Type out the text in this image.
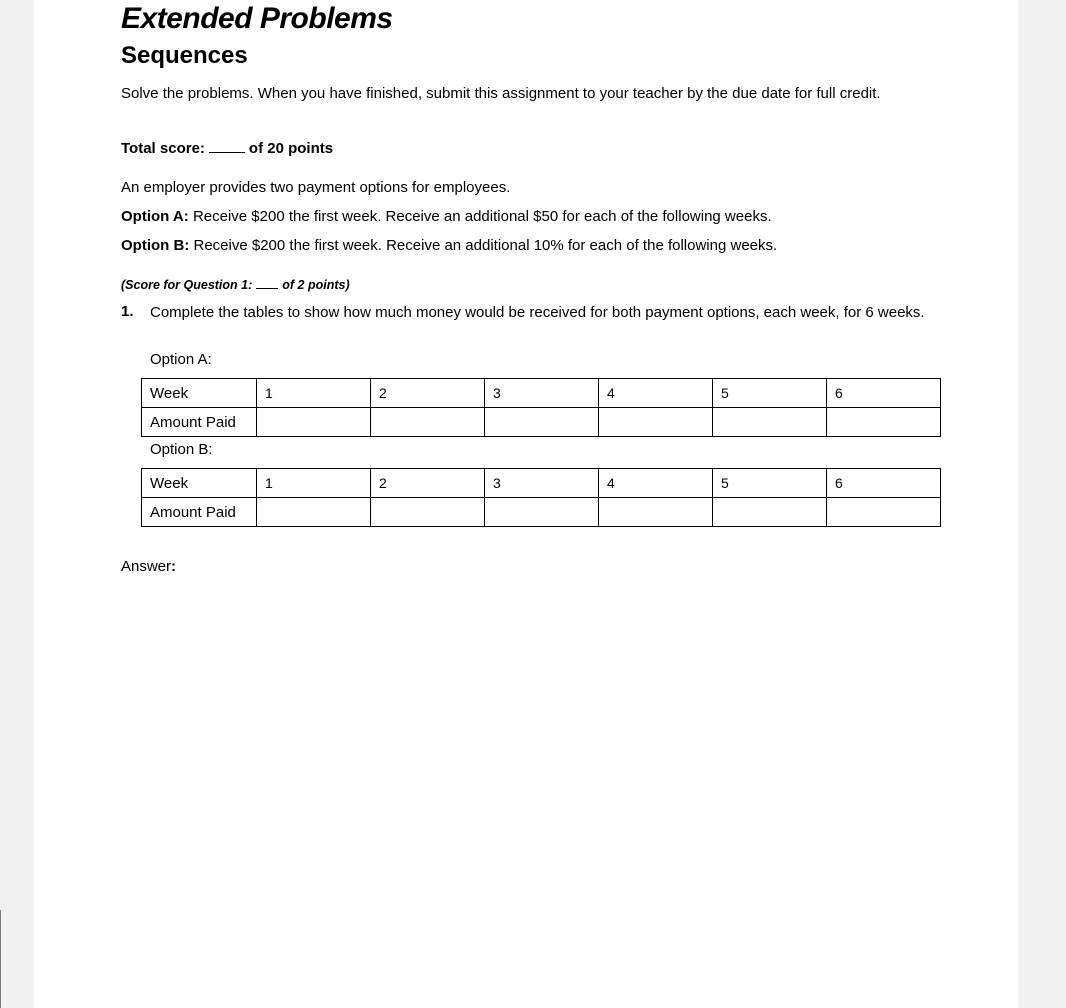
Extended Problems
Sequences
Solve the problems. When you have finished, submit this assignment to your teacher by the due date for full credit.
Total score:	of 20 points
An employer provides two payment options for employees.
Option A: Receive $200 the first week. Receive an additional $50 for each of the following weeks.
Option B: Receive $200 the first week. Receive an additional 10% for each of the following weeks.
(Score for Question 1: of 2 points)
1. Complete the tables to show how much money would be received for both payment options, each week, for 6 weeks.
Option A:
Week	1	2	3	4	5	6
Amount Paid						
Option B:
Week	1	2	3	4	5	6
Amount Paid						
Answer:
